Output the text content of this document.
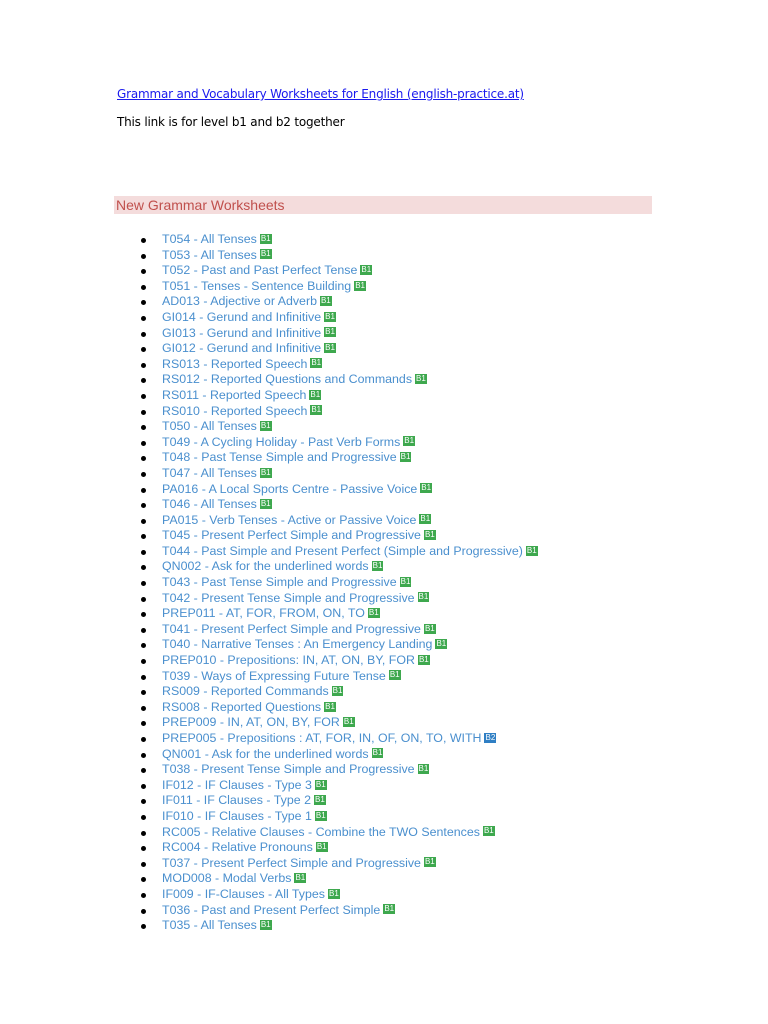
Grammar and Vocabulary Worksheets for English (english-practice.at)
This link is for level b1 and b2 together
New Grammar Worksheets
T054 - All Tenses B1
T053 - All Tenses B1
T052 - Past and Past Perfect Tense B1
T051 - Tenses - Sentence Building B1
AD013 - Adjective or Adverb B1
GI014 - Gerund and Infinitive B1
GI013 - Gerund and Infinitive B1
GI012 - Gerund and Infinitive B1
RS013 - Reported Speech B1
RS012 - Reported Questions and Commands B1
RS011 - Reported Speech B1
RS010 - Reported Speech B1
T050 - All Tenses B1
T049 - A Cycling Holiday - Past Verb Forms B1
T048 - Past Tense Simple and Progressive B1
T047 - All Tenses B1
PA016 - A Local Sports Centre - Passive Voice B1
T046 - All Tenses B1
PA015 - Verb Tenses - Active or Passive Voice B1
T045 - Present Perfect Simple and Progressive B1
T044 - Past Simple and Present Perfect (Simple and Progressive) B1
QN002 - Ask for the underlined words B1
T043 - Past Tense Simple and Progressive B1
T042 - Present Tense Simple and Progressive B1
PREP011 - AT, FOR, FROM, ON, TO B1
T041 - Present Perfect Simple and Progressive B1
T040 - Narrative Tenses : An Emergency Landing B1
PREP010 - Prepositions: IN, AT, ON, BY, FOR B1
T039 - Ways of Expressing Future Tense B1
RS009 - Reported Commands B1
RS008 - Reported Questions B1
PREP009 - IN, AT, ON, BY, FOR B1
PREP005 - Prepositions : AT, FOR, IN, OF, ON, TO, WITH B2
QN001 - Ask for the underlined words B1
T038 - Present Tense Simple and Progressive B1
IF012 - IF Clauses - Type 3 B1
IF011 - IF Clauses - Type 2 B1
IF010 - IF Clauses - Type 1 B1
RC005 - Relative Clauses - Combine the TWO Sentences B1
RC004 - Relative Pronouns B1
T037 - Present Perfect Simple and Progressive B1
MOD008 - Modal Verbs B1
IF009 - IF-Clauses - All Types B1
T036 - Past and Present Perfect Simple B1
T035 - All Tenses B1
